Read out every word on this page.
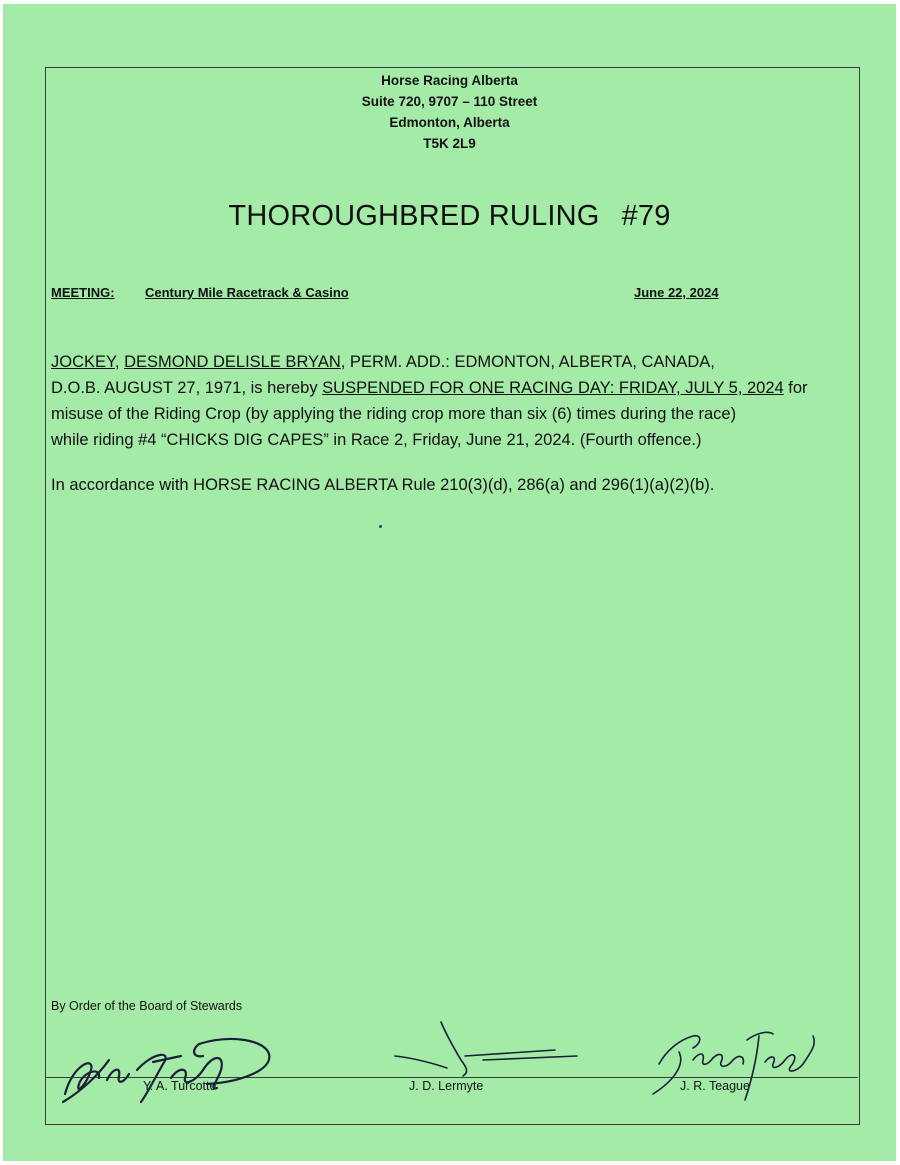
Horse Racing Alberta
Suite 720, 9707 – 110 Street
Edmonton, Alberta
T5K 2L9
THOROUGHBRED RULING #79
MEETING: Century Mile Racetrack & Casino	June 22, 2024
JOCKEY, DESMOND DELISLE BRYAN, PERM. ADD.: EDMONTON, ALBERTA, CANADA,
D.O.B. AUGUST 27, 1971, is hereby SUSPENDED FOR ONE RACING DAY: FRIDAY, JULY 5, 2024 for
misuse of the Riding Crop (by applying the riding crop more than six (6) times during the race)
while riding #4 “CHICKS DIG CAPES” in Race 2, Friday, June 21, 2024. (Fourth offence.)
In accordance with HORSE RACING ALBERTA Rule 210(3)(d), 286(a) and 296(1)(a)(2)(b).
By Order of the Board of Stewards
Y. A. Turcotte	J. D. Lermyte	J. R. Teague
